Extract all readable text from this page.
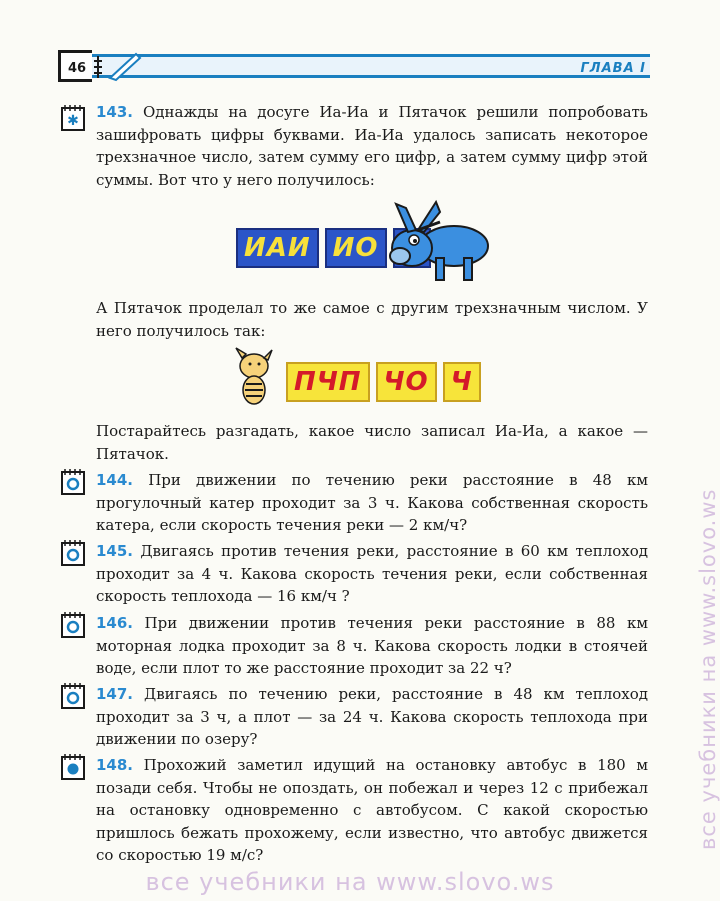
46	ГЛАВА I
✱ 143. Однажды на досуге Иа-Иа и Пятачок решили попробовать зашифровать цифры буквами. Иа-Иа удалось записать некоторое трехзначное число, затем сумму его цифр, а затем сумму цифр этой суммы. Вот что у него получилось:
ИАИ ИО
А Пятачок проделал то же самое с другим трехзначным числом. У него получилось так:
ПЧП ЧО Ч
Постарайтесь разгадать, какое число записал Иа-Иа, а какое — Пятачок.
144. При движении по течению реки расстояние в 48 км прогулочный катер проходит за 3 ч. Какова собственная скорость катера, если скорость течения реки — 2 км/ч?
145. Двигаясь против течения реки, расстояние в 60 км теплоход проходит за 4 ч. Какова скорость течения реки, если собственная скорость теплохода — 16 км/ч ?
146. При движении против течения реки расстояние в 88 км моторная лодка проходит за 8 ч. Какова скорость лодки в стоячей воде, если плот то же расстояние проходит за 22 ч?
147. Двигаясь по течению реки, расстояние в 48 км теплоход проходит за 3 ч, а плот — за 24 ч. Какова скорость теплохода при движении по озеру?
148. Прохожий заметил идущий на остановку автобус в 180 м позади себя. Чтобы не опоздать, он побежал и через 12 с прибежал на остановку одновременно с автобусом. С какой скоростью пришлось бежать прохожему, если известно, что автобус движется со скоростью 19 м/с?
все учебники на www.slovo.ws
все учебники на www.slovo.ws
